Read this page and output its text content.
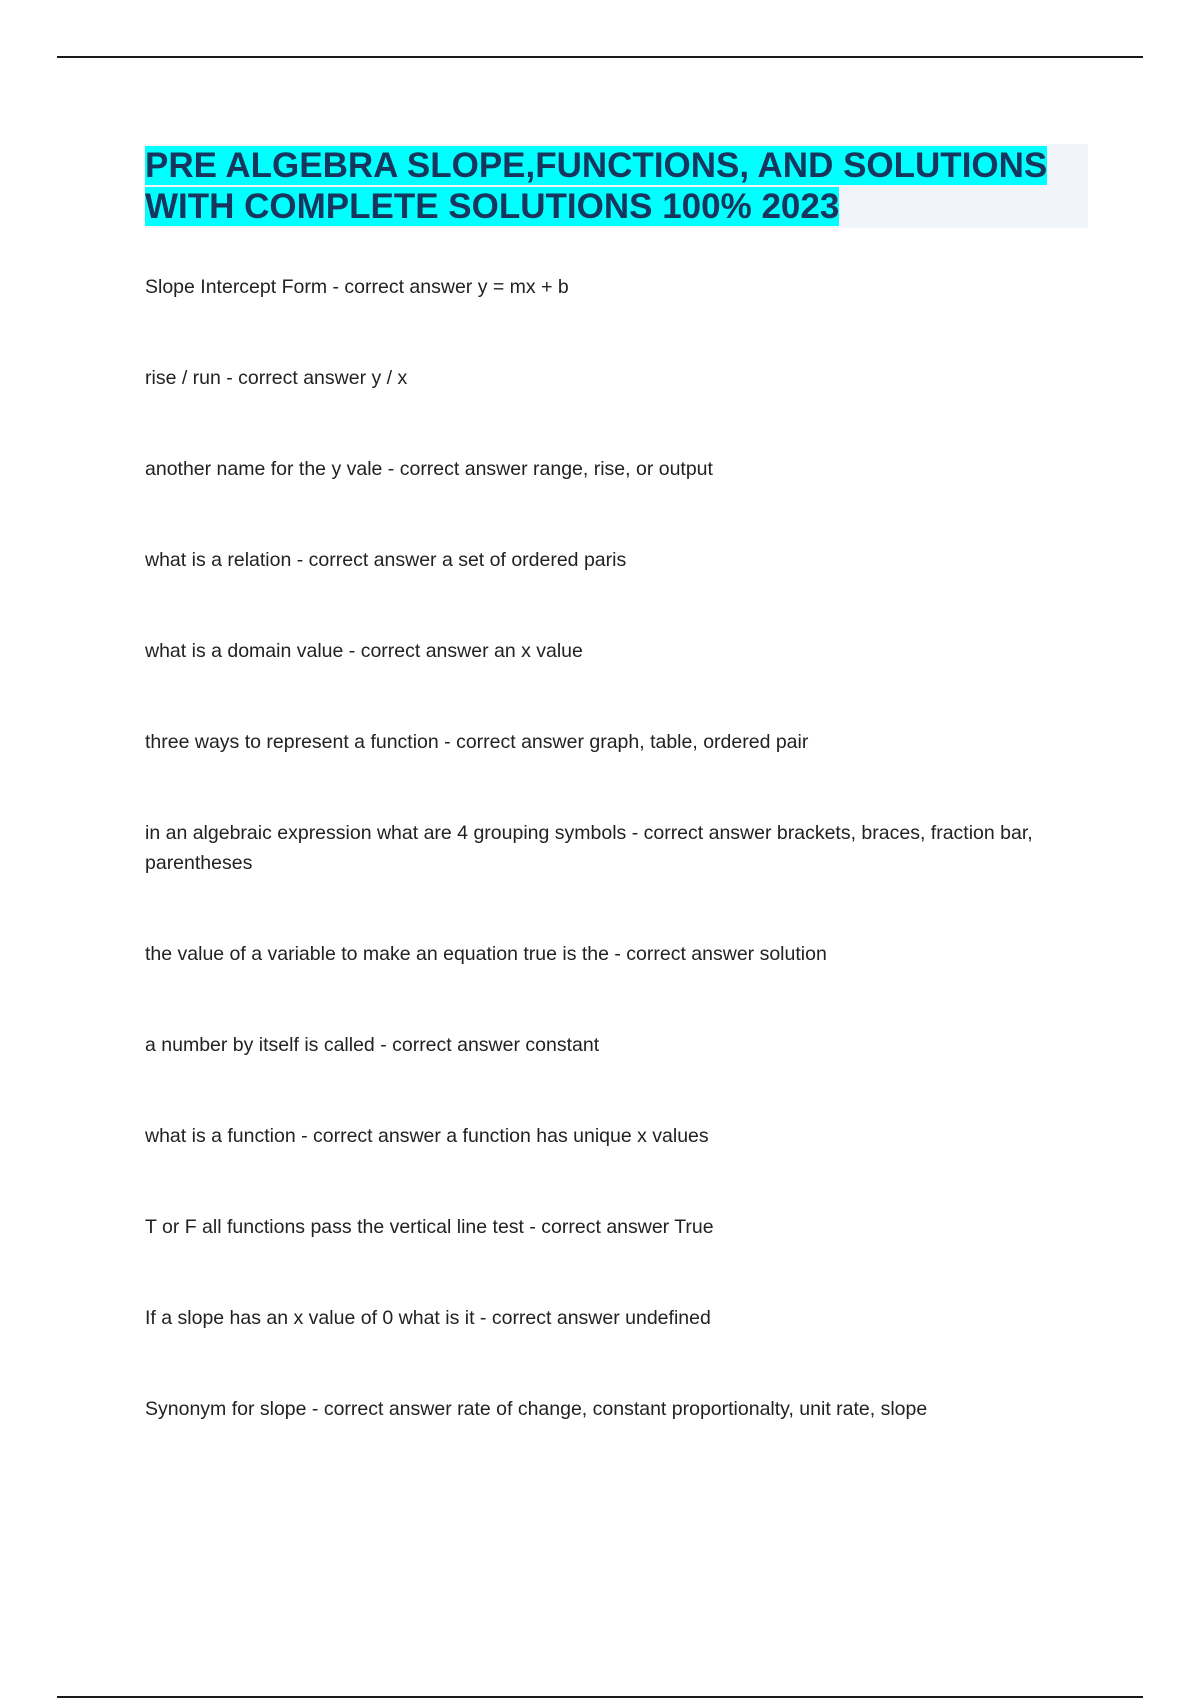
PRE ALGEBRA SLOPE,FUNCTIONS, AND SOLUTIONS
WITH COMPLETE SOLUTIONS 100% 2023
Slope Intercept Form - correct answer y = mx + b
rise / run - correct answer y / x
another name for the y vale - correct answer range, rise, or output
what is a relation - correct answer a set of ordered paris
what is a domain value - correct answer an x value
three ways to represent a function - correct answer graph, table, ordered pair
in an algebraic expression what are 4 grouping symbols - correct answer brackets, braces, fraction bar, parentheses
the value of a variable to make an equation true is the - correct answer solution
a number by itself is called - correct answer constant
what is a function - correct answer a function has unique x values
T or F all functions pass the vertical line test - correct answer True
If a slope has an x value of 0 what is it - correct answer undefined
Synonym for slope - correct answer rate of change, constant proportionalty, unit rate, slope
